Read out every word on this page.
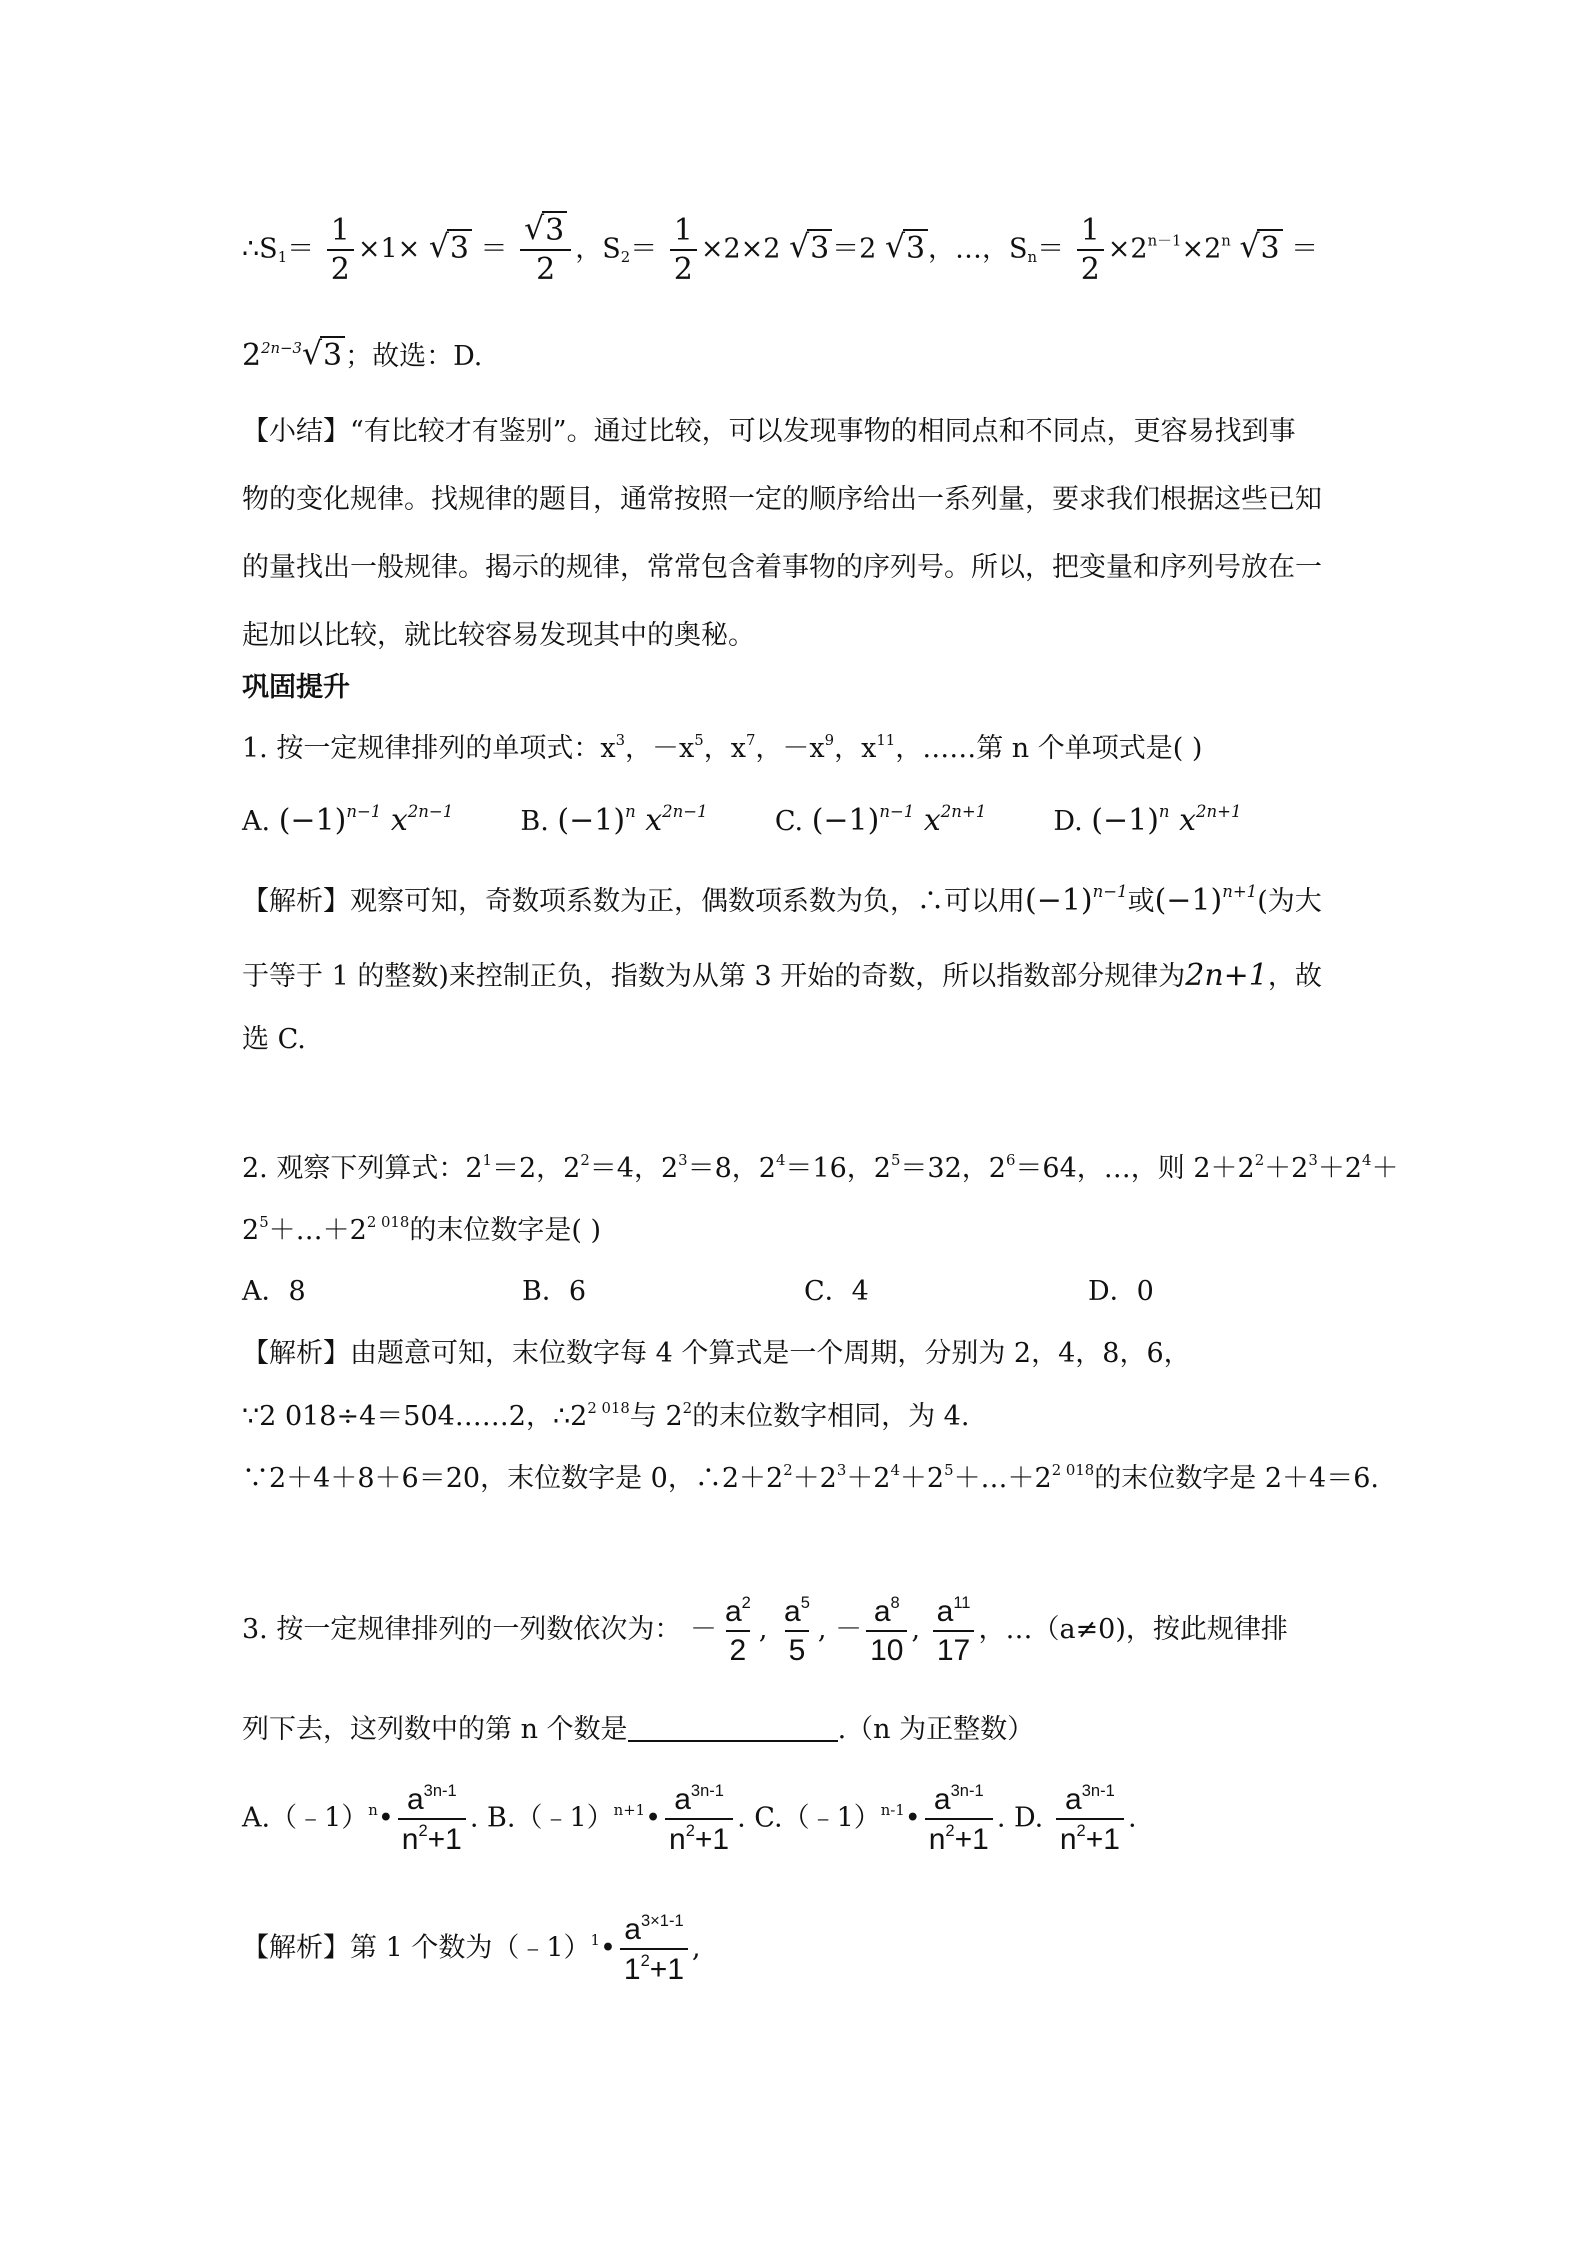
$\therefore S_1= \frac{1}{2} \times 1\times$ √ 3 ＝
√ $\frac{3}{2}$ ，$S_2= \frac{1}{2} \times 2\times 2$ √ 3 ＝2 √ 3 ，…，$S_n= \frac{1}{2} \times 2^{n-1}\times 2^n$ √ 3 ＝
$2^{2n-3}√$ 3 ；故选：D.
【小结】“有比较才有鉴别”。通过比较，可以发现事物的相同点和不同点，更容易找到事
物的变化规律。找规律的题目，通常按照一定的顺序给出一系列量，要求我们根据这些已知
的量找出一般规律。揭示的规律，常常包含着事物的序列号。所以，把变量和序列号放在一
起加以比较，就比较容易发现其中的奥秘。
巩固提升
1. 按一定规律排列的单项式：$x^3$，$-x^5$，$x^7$，$-x^9$，$x^{11}$，……第 n 个单项式是( )
A. $(-1)^{n-1}$ $x^{2n-1}$ B. $(-1)^n$ $x^{2n-1}$ C. $(-1)^{n-1}$ $x^{2n+1}$ D. $(-1)^n$ $x^{2n+1}$
【解析】观察可知，奇数项系数为正，偶数项系数为负，∴可以用$(-1)^{n-1}$或$(-1)^{n+1}$(为大
于等于 1 的整数)来控制正负，指数为从第 3 开始的奇数，所以指数部分规律为2n+1，故
选 C.
2. 观察下列算式：$2^1=2$，$2^2=4$，$2^3=8$，$2^4=16$，$2^5=32$，$2^6=64$，…，则 $2+2^2+2^3+2^4+$
$2^5+\dots+2^{2 018}$的末位数字是( )
A．8	B．6	C．4	D．0
【解析】由题意可知，末位数字每 4 个算式是一个周期，分别为 2，4，8，6，
∵2 018÷4＝504……2，$\therefore 2^{2 018}$与 $2^2$的末位数字相同，为 4.
∵2＋4＋8＋6＝20，末位数字是 0，$\therefore 2+2^2+2^3+2^4+2^5+\dots+2^{2 018}$的末位数字是 2＋4＝6.
3. 按一定规律排列的一列数依次为： － $\frac{a^2}{2}$ , $\frac{a^5}{5}$ , － $\frac{a^8}{10}$ , $\frac{a^{11}}{17}$ ，…（a≠0)，按此规律排
列下去，这列数中的第 n 个数是	.（n 为正整数）
A.（﹣1）$^n$• $\frac{a^{3n-1}}{n^2+1}$ . B.（﹣1）$^{n+1}$• $\frac{a^{3n-1}}{n^2+1}$ . C.（﹣1）$^{n-1}$• $\frac{a^{3n-1}}{n^2+1}$ . D. $\frac{a^{3n-1}}{n^2+1}$ .
【解析】第 1 个数为（﹣1）$^1$• $\frac{a^{3\times 1-1}}{1^2+1}$ ,
